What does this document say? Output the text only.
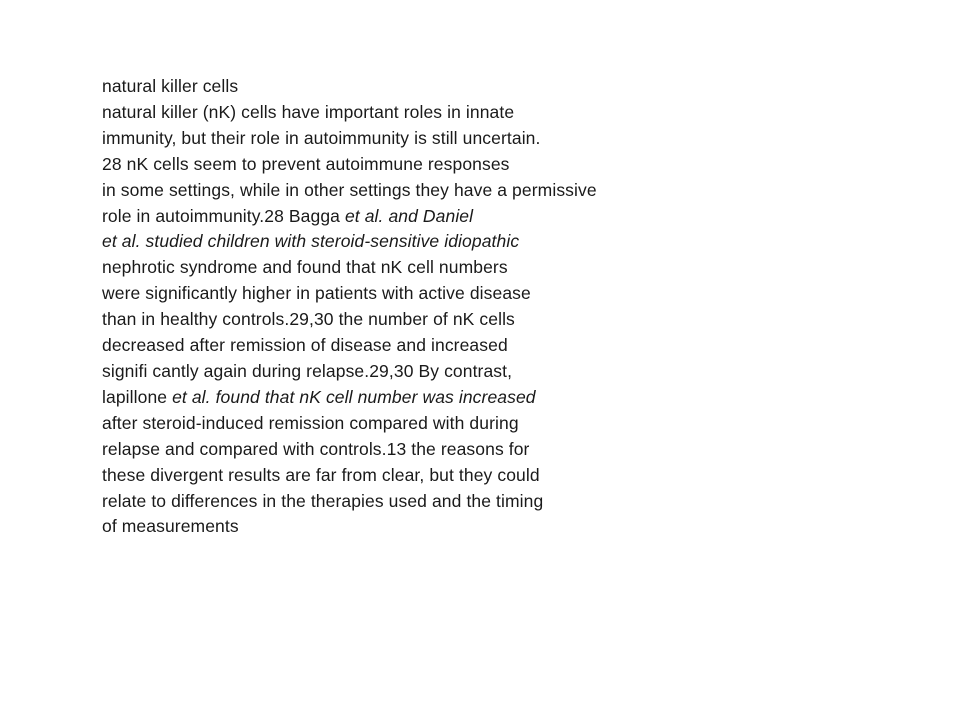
natural killer cells
natural killer (nK) cells have important roles in innate
immunity, but their role in autoimmunity is still uncertain.
28 nK cells seem to prevent autoimmune responses
in some settings, while in other settings they have a permissive
role in autoimmunity.28 Bagga et al. and Daniel
et al. studied children with steroid-sensitive idiopathic
nephrotic syndrome and found that nK cell numbers
were significantly higher in patients with active disease
than in healthy controls.29,30 the number of nK cells
decreased after remission of disease and increased
signifi cantly again during relapse.29,30 By contrast,
lapillone et al. found that nK cell number was increased
after steroid-induced remission compared with during
relapse and compared with controls.13 the reasons for
these divergent results are far from clear, but they could
relate to differences in the therapies used and the timing
of measurements
